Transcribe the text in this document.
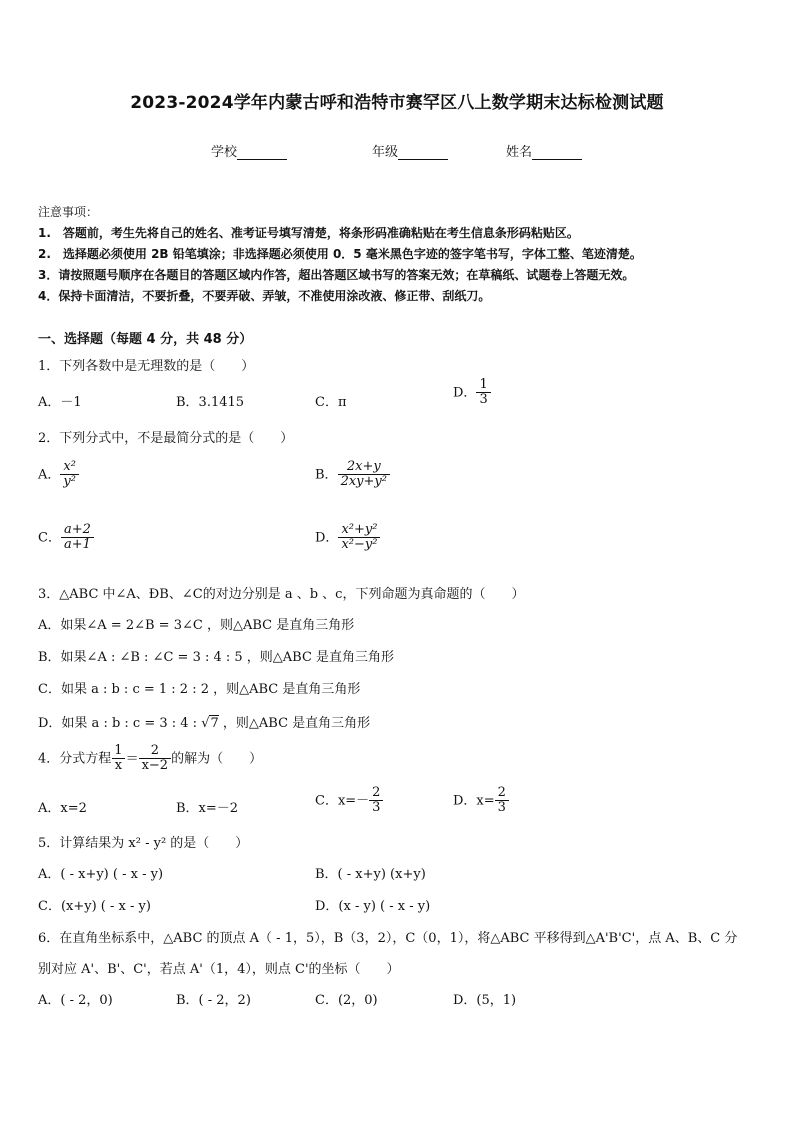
2023-2024学年内蒙古呼和浩特市赛罕区八上数学期末达标检测试题
学校	年级	姓名
注意事项：
1.　答题前，考生先将自己的姓名、准考证号填写清楚，将条形码准确粘贴在考生信息条形码粘贴区。
2.　选择题必须使用 2B 铅笔填涂；非选择题必须使用 0．5 毫米黑色字迹的签字笔书写，字体工整、笔迹清楚。
3．请按照题号顺序在各题目的答题区域内作答，超出答题区域书写的答案无效；在草稿纸、试题卷上答题无效。
4．保持卡面清洁，不要折叠，不要弄破、弄皱，不准使用涂改液、修正带、刮纸刀。
一、选择题（每题 4 分，共 48 分）
1．下列各数中是无理数的是（　　）
A．－1	B．3.1415	C．π
D． $\frac{1}{3}$
2．下列分式中，不是最简分式的是（　　）
A． $\frac{\text{x²}}{\text{y²}}$	B． $\frac{2x+y}{\text{2xy+y²}}$
C． $\frac{a+2}{a+1}$	D． $\frac{\text{x²+y²}}{\text{x²−y²}}$
3．△ABC 中∠A、ÐB、∠C的对边分别是 a 、b 、c，下列命题为真命题的（　　）
A．如果∠A = 2∠B = 3∠C ，则△ABC 是直角三角形
B．如果∠A : ∠B : ∠C = 3 : 4 : 5 ，则△ABC 是直角三角形
C．如果 a : b : c = 1 : 2 : 2 ，则△ABC 是直角三角形
D．如果 a : b : c = 3 : 4 : √7 ，则△ABC 是直角三角形
4．分式方程 $\frac{1}{x} = \frac{2}{x-2}$ 的解为（　　）
A．x=2	B．x=－2
C．$x=- \frac{2}{3}$	D．$x= \frac{2}{3}$
5．计算结果为 x² - y² 的是（　　）
A．( - x+y) ( - x - y)	B．( - x+y) (x+y)
C．(x+y) ( - x - y)	D．(x - y) ( - x - y)
6．在直角坐标系中，△ABC 的顶点 A（ - 1，5），B（3，2），C（0，1），将△ABC 平移得到△A'B'C'，点 A、B、C 分
别对应 A'、B'、C'，若点 A'（1，4），则点 C'的坐标（　　）
A．( - 2，0)	B．( - 2，2)	C．(2，0)	D．(5，1)
